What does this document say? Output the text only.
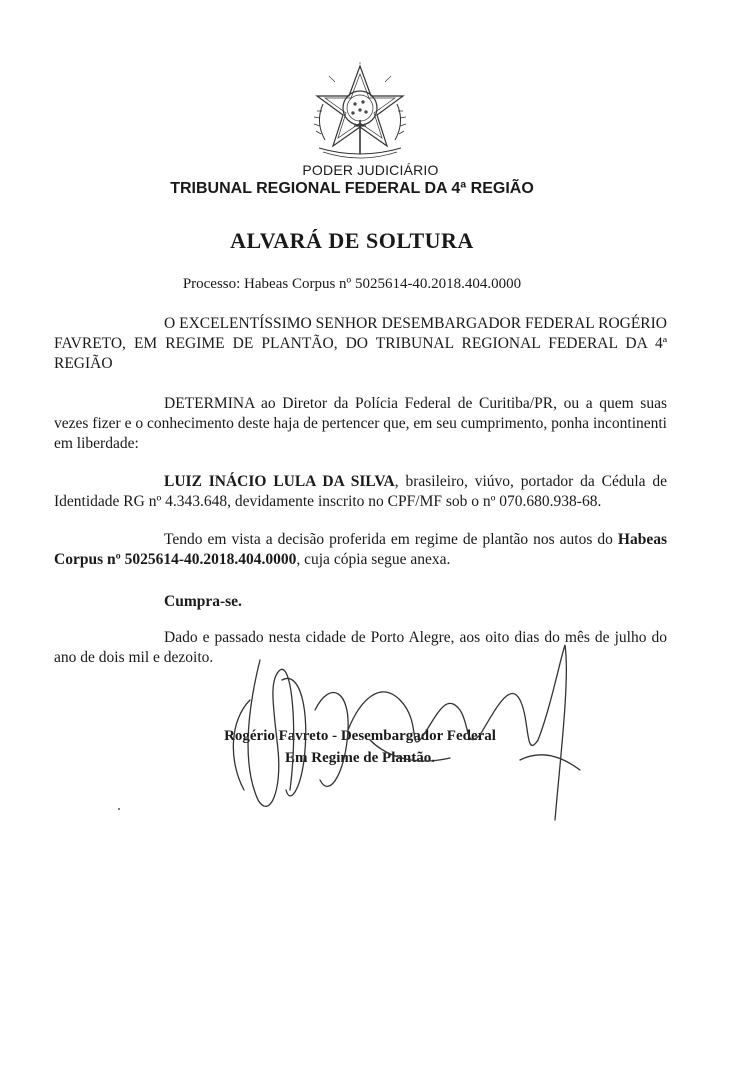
PODER JUDICIÁRIO
TRIBUNAL REGIONAL FEDERAL DA 4ª REGIÃO
ALVARÁ DE SOLTURA
Processo: Habeas Corpus nº 5025614-40.2018.404.0000
O EXCELENTÍSSIMO SENHOR DESEMBARGADOR FEDERAL ROGÉRIO FAVRETO, EM REGIME DE PLANTÃO, DO TRIBUNAL REGIONAL FEDERAL DA 4ª REGIÃO
DETERMINA ao Diretor da Polícia Federal de Curitiba/PR, ou a quem suas vezes fizer e o conhecimento deste haja de pertencer que, em seu cumprimento, ponha incontinenti em liberdade:
LUIZ INÁCIO LULA DA SILVA, brasileiro, viúvo, portador da Cédula de Identidade RG nº 4.343.648, devidamente inscrito no CPF/MF sob o nº 070.680.938-68.
Tendo em vista a decisão proferida em regime de plantão nos autos do Habeas Corpus nº 5025614-40.2018.404.0000, cuja cópia segue anexa.
Cumpra-se.
Dado e passado nesta cidade de Porto Alegre, aos oito dias do mês de julho do ano de dois mil e dezoito.
Rogério Favreto - Desembargador Federal
Em Regime de Plantão.
